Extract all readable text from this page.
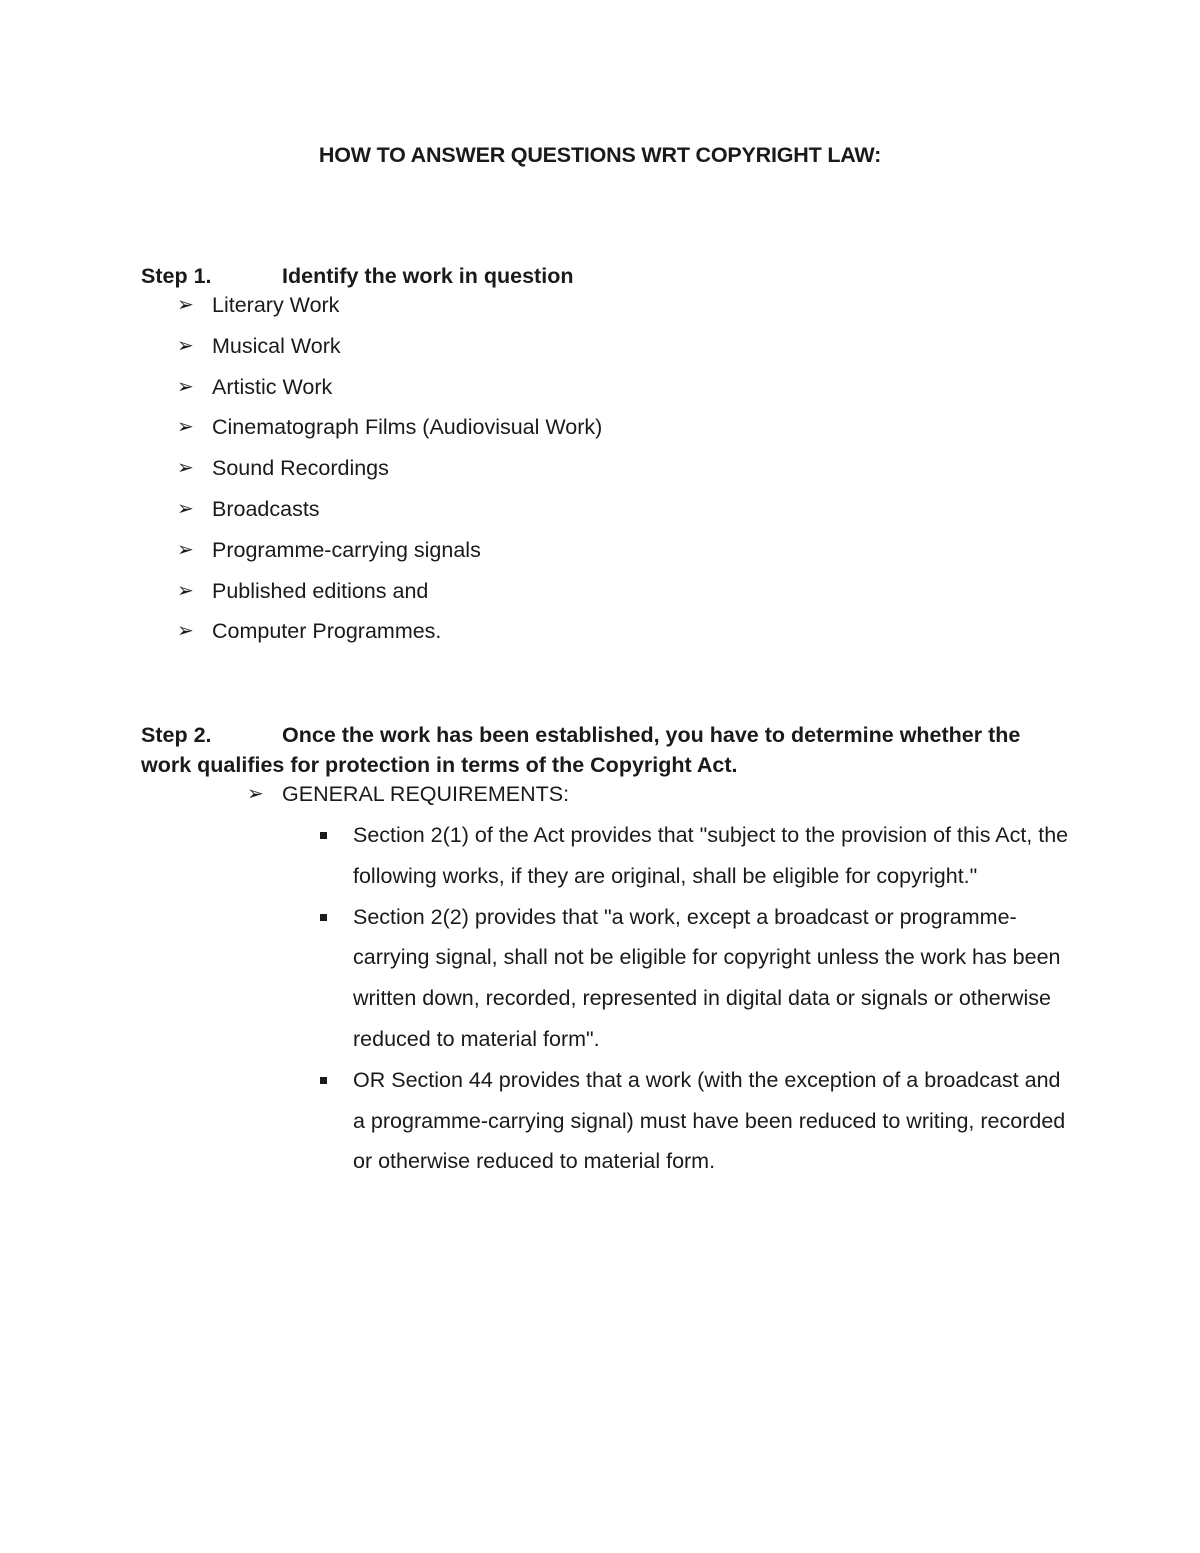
HOW TO ANSWER QUESTIONS WRT COPYRIGHT LAW:
Step 1.	Identify the work in question
➢ Literary Work
➢ Musical Work
➢ Artistic Work
➢ Cinematograph Films (Audiovisual Work)
➢ Sound Recordings
➢ Broadcasts
➢ Programme-carrying signals
➢ Published editions and
➢ Computer Programmes.
Step 2.	Once the work has been established, you have to determine whether the work qualifies for protection in terms of the Copyright Act.
➢ GENERAL REQUIREMENTS:
Section 2(1) of the Act provides that "subject to the provision of this Act, the following works, if they are original, shall be eligible for copyright."
Section 2(2) provides that "a work, except a broadcast or programme-carrying signal, shall not be eligible for copyright unless the work has been written down, recorded, represented in digital data or signals or otherwise reduced to material form".
OR Section 44 provides that a work (with the exception of a broadcast and a programme-carrying signal) must have been reduced to writing, recorded or otherwise reduced to material form.
